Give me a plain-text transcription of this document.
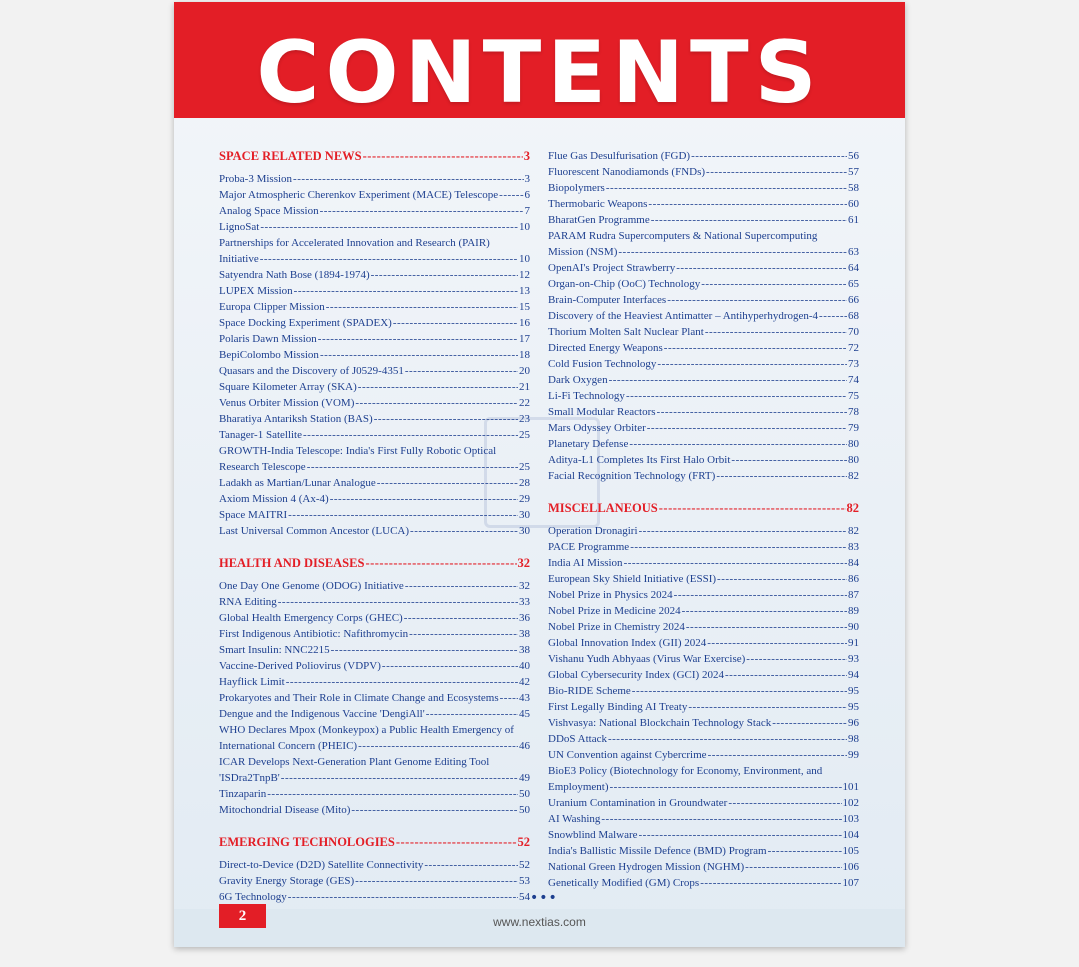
CONTENTS
SPACE RELATED NEWS -----	3
Proba-3 Mission -----	3
Major Atmospheric Cherenkov Experiment (MACE) Telescope ----- 6
Analog Space Mission -----	7
LignoSat -----	10
Partnerships for Accelerated Innovation and Research (PAIR)
Initiative -----	10
Satyendra Nath Bose (1894-1974) -----	12
LUPEX Mission -----	13
Europa Clipper Mission -----	15
Space Docking Experiment (SPADEX) -----	16
Polaris Dawn Mission -----	17
BepiColombo Mission -----	18
Quasars and the Discovery of J0529-4351 -----	20
Square Kilometer Array (SKA) -----	21
Venus Orbiter Mission (VOM) -----	22
Bharatiya Antariksh Station (BAS) -----	23
Tanager-1 Satellite -----	25
GROWTH-India Telescope: India's First Fully Robotic Optical
Research Telescope -----	25
Ladakh as Martian/Lunar Analogue -----	28
Axiom Mission 4 (Ax-4) -----	29
Space MAITRI -----	30
Last Universal Common Ancestor (LUCA) -----	30
HEALTH AND DISEASES -----	32
One Day One Genome (ODOG) Initiative -----	32
RNA Editing -----	33
Global Health Emergency Corps (GHEC) -----	36
First Indigenous Antibiotic: Nafithromycin -----	38
Smart Insulin: NNC2215 -----	38
Vaccine-Derived Poliovirus (VDPV) -----	40
Hayflick Limit -----	42
Prokaryotes and Their Role in Climate Change and Ecosystems ----- 43
Dengue and the Indigenous Vaccine 'DengiAll' -----	45
WHO Declares Mpox (Monkeypox) a Public Health Emergency of
International Concern (PHEIC) -----	46
ICAR Develops Next-Generation Plant Genome Editing Tool
'ISDra2TnpB' -----	49
Tinzaparin -----	50
Mitochondrial Disease (Mito) -----	50
EMERGING TECHNOLOGIES -----	52
Direct-to-Device (D2D) Satellite Connectivity -----	52
Gravity Energy Storage (GES) -----	53
6G Technology -----	54
Flue Gas Desulfurisation (FGD) -----	56
Fluorescent Nanodiamonds (FNDs) -----	57
Biopolymers -----	58
Thermobaric Weapons -----	60
BharatGen Programme -----	61
PARAM Rudra Supercomputers & National Supercomputing
Mission (NSM) -----	63
OpenAI's Project Strawberry -----	64
Organ-on-Chip (OoC) Technology -----	65
Brain-Computer Interfaces -----	66
Discovery of the Heaviest Antimatter – Antihyperhydrogen-4 -----	68
Thorium Molten Salt Nuclear Plant -----	70
Directed Energy Weapons -----	72
Cold Fusion Technology -----	73
Dark Oxygen -----	74
Li-Fi Technology -----	75
Small Modular Reactors -----	78
Mars Odyssey Orbiter -----	79
Planetary Defense -----	80
Aditya-L1 Completes Its First Halo Orbit -----	80
Facial Recognition Technology (FRT) -----	82
MISCELLANEOUS -----	82
Operation Dronagiri -----	82
PACE Programme -----	83
India AI Mission -----	84
European Sky Shield Initiative (ESSI) -----	86
Nobel Prize in Physics 2024 -----	87
Nobel Prize in Medicine 2024 -----	89
Nobel Prize in Chemistry 2024 -----	90
Global Innovation Index (GII) 2024 -----	91
Vishanu Yudh Abhyaas (Virus War Exercise) -----	93
Global Cybersecurity Index (GCI) 2024 -----	94
Bio-RIDE Scheme -----	95
First Legally Binding AI Treaty -----	95
Vishvasya: National Blockchain Technology Stack -----	96
DDoS Attack -----	98
UN Convention against Cybercrime -----	99
BioE3 Policy (Biotechnology for Economy, Environment, and
Employment) -----	101
Uranium Contamination in Groundwater -----	102
AI Washing -----	103
Snowblind Malware -----	104
India's Ballistic Missile Defence (BMD) Program -----	105
National Green Hydrogen Mission (NGHM) -----	106
Genetically Modified (GM) Crops -----	107
2	www.nextias.com
•••
